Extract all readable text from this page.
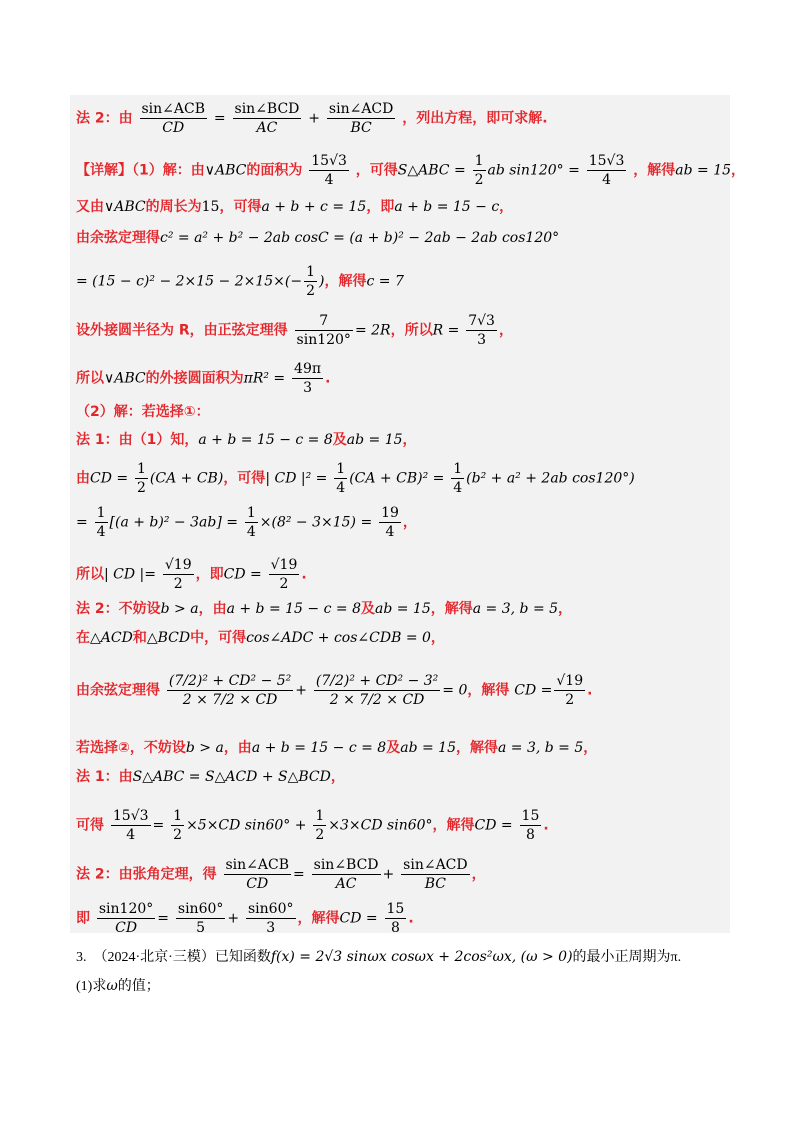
法 2：由 $\frac{\text{sin∠ACB}}{CD} = \frac{\text{sin∠BCD}}{AC} + \frac{\text{sin∠ACD}}{BC}$ ，列出方程，即可求解.
【详解】（1）解：由∨ABC的面积为 $\frac{15√3}{4}$ ，可得S△ABC = $\frac{1}{2}$ ab $\sin 120^\circ = \frac{15√3}{4}$ ，解得ab = 15，
又由∨ABC的周长为15，可得a + b + c = 15，即a + b = 15 − c，
由余弦定理得c² = a² + b² − 2ab cosC = (a + b)² − 2ab − 2ab cos120°
= $(15 - c)^2 - 2\times 15 - 2\times 15\times(- \frac{1}{2}$ )，解得c = 7
设外接圆半径为 R，由正弦定理得 $\frac{7}{\sin 120^\circ} = 2R$，所以$R = \frac{7√3}{3}$ ，
所以∨ABC的外接圆面积为$\pi R^2 = \frac{49\pi}{3}$ .
（2）解：若选择①：
法 1：由（1）知，a + b = 15 − c = 8及ab = 15，
由CD = $\frac{1}{2} (CA + CB)$，可得| CD $|^2 = \frac{1}{4} (CA + CB)^2 = \frac{1}{4} (b^2 + a^2 + 2ab$ cos120°)
= $\frac{1}{4} [(a + b)^2 - 3ab] = \frac{1}{4} \times(8^2 - 3\times 15) = \frac{19}{4}$ ，
所以| CD |= $\frac{√19}{2}$ ，即CD = $\frac{√19}{2}$ .
法 2：不妨设b > a，由a + b = 15 − c = 8及ab = 15，解得a = 3, b = 5，
在△ACD和△BCD中，可得cos∠ADC + cos∠CDB = 0，
由余弦定理得 $\frac{\text{(7/2)² + CD² − 5²}}{2 \times 7/2 \times CD} + \frac{\text{(7/2)² + CD² − 3²}}{2 \times 7/2 \times CD} = 0$，解得 CD = $\frac{√19}{2}$ .
若选择②，不妨设b > a，由a + b = 15 − c = 8及ab = 15，解得a = 3, b = 5，
法 1：由S△ABC = S△ACD + S△BCD，
可得 $\frac{15√3}{4} = \frac{1}{2} \times 5\times CD$ $\sin 60^\circ + \frac{1}{2} \times 3\times CD$ sin60°，解得CD = $\frac{15}{8}$ .
法 2：由张角定理，得 $\frac{\text{sin∠ACB}}{CD} = \frac{\text{sin∠BCD}}{AC} + \frac{\text{sin∠ACD}}{BC}$ ，
即 $\frac{\sin 120^\circ}{CD} = \frac{\sin 60^\circ}{5} + \frac{\sin 60^\circ}{3}$ ，解得CD = $\frac{15}{8}$ .
3. （2024·北京·三模）已知函数f(x) = 2√3 sinωx cosωx + 2cos²ωx, (ω > 0)的最小正周期为π.
(1)求ω的值；
